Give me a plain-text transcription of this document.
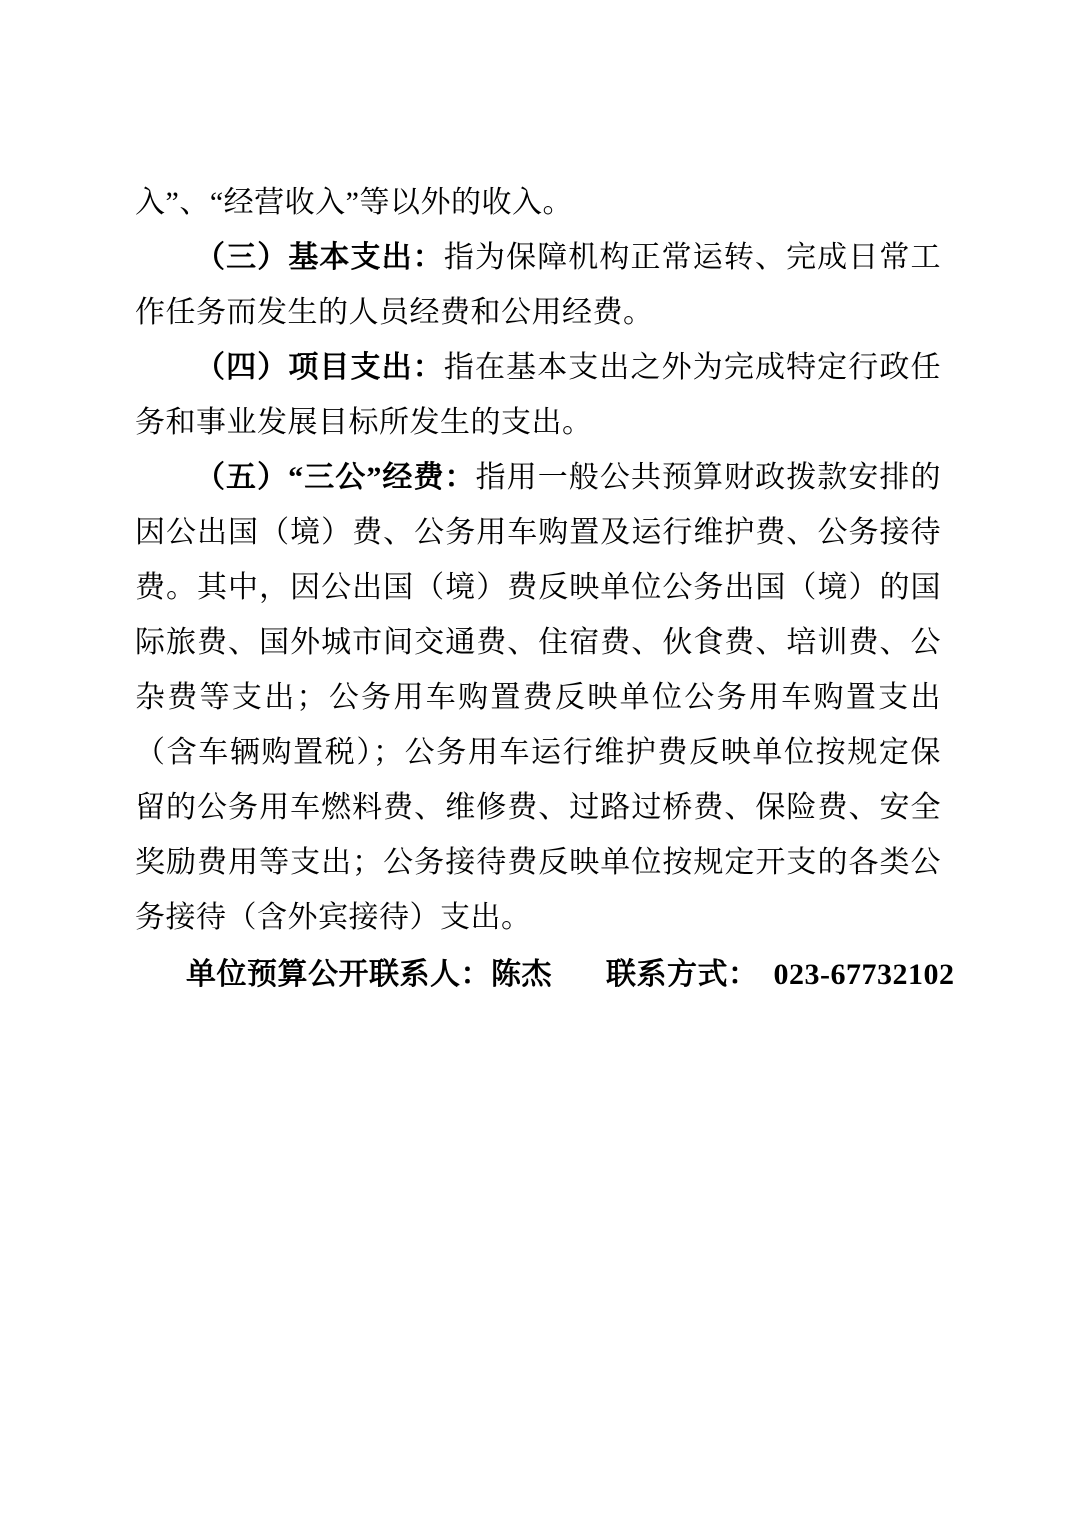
入”、“经营收入”等以外的收入。

（三）基本支出：指为保障机构正常运转、完成日常工作任务而发生的人员经费和公用经费。

（四）项目支出：指在基本支出之外为完成特定行政任务和事业发展目标所发生的支出。

（五）“三公”经费：指用一般公共预算财政拨款安排的因公出国（境）费、公务用车购置及运行维护费、公务接待费。其中，因公出国（境）费反映单位公务出国（境）的国际旅费、国外城市间交通费、住宿费、伙食费、培训费、公杂费等支出；公务用车购置费反映单位公务用车购置支出（含车辆购置税）；公务用车运行维护费反映单位按规定保留的公务用车燃料费、维修费、过路过桥费、保险费、安全奖励费用等支出；公务接待费反映单位按规定开支的各类公务接待（含外宾接待）支出。

单位预算公开联系人：陈杰 联系方式： 023-67732102
